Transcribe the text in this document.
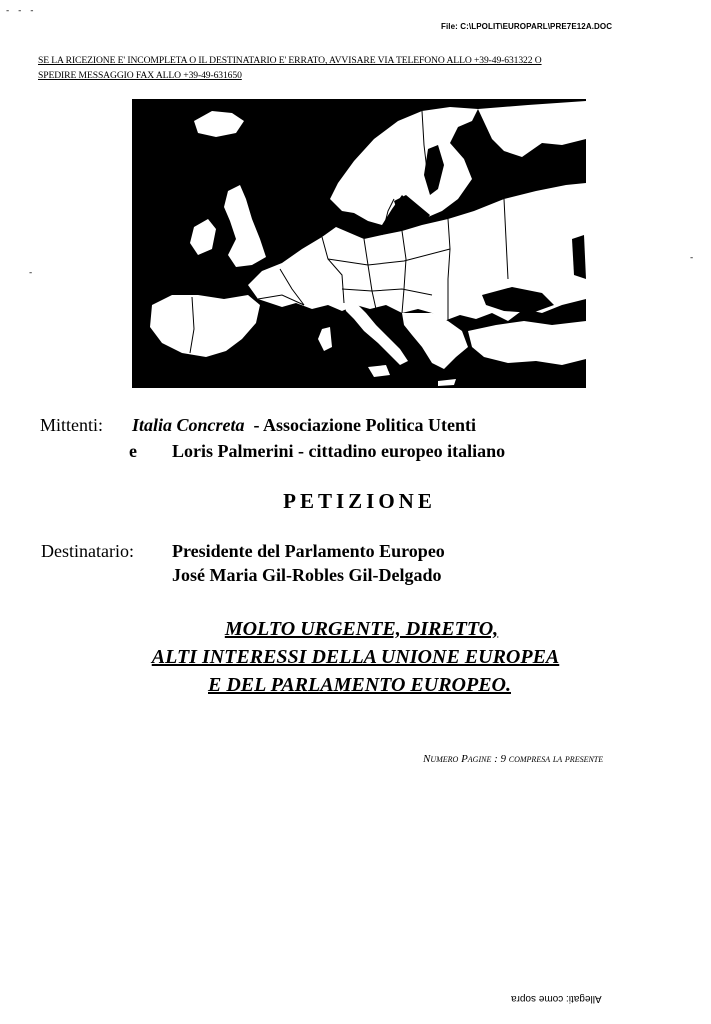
- - -
File: C:\LPOLIT\EUROPARL\PRE7E12A.DOC
SE LA RICEZIONE E' INCOMPLETA O IL DESTINATARIO E' ERRATO, AVVISARE VIA TELEFONO ALLO +39-49-631322 O
SPEDIRE MESSAGGIO FAX ALLO +39-49-631650
Mittenti: Italia Concreta  - Associazione Politica Utenti
e Loris Palmerini - cittadino europeo italiano
PETIZIONE
Destinatario: Presidente del Parlamento Europeo
José Maria Gil-Robles Gil-Delgado
MOLTO URGENTE, DIRETTO,
ALTI INTERESSI DELLA UNIONE EUROPEA
E DEL PARLAMENTO EUROPEO.
Numero Pagine : 9 compresa la presente
Allegati: come sopra
-
-
